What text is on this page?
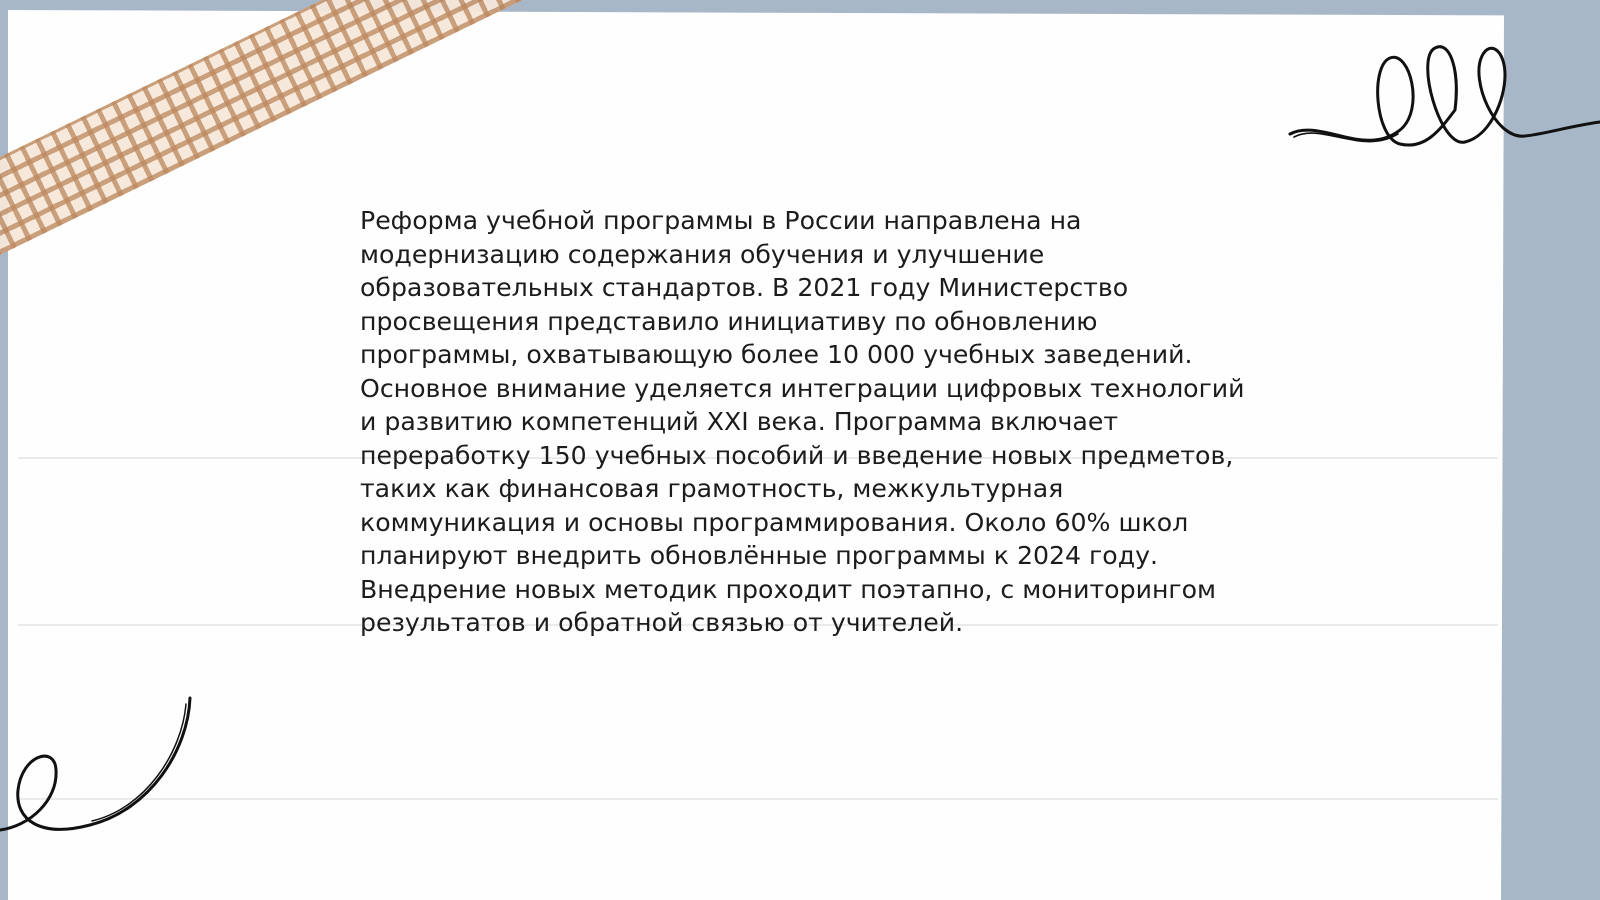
Реформа учебной программы в России направлена на модернизацию содержания обучения и улучшение образовательных стандартов. В 2021 году Министерство просвещения представило инициативу по обновлению программы, охватывающую более 10 000 учебных заведений. Основное внимание уделяется интеграции цифровых технологий и развитию компетенций XXI века. Программа включает переработку 150 учебных пособий и введение новых предметов, таких как финансовая грамотность, межкультурная коммуникация и основы программирования. Около 60% школ планируют внедрить обновлённые программы к 2024 году. Внедрение новых методик проходит поэтапно, с мониторингом результатов и обратной связью от учителей.
